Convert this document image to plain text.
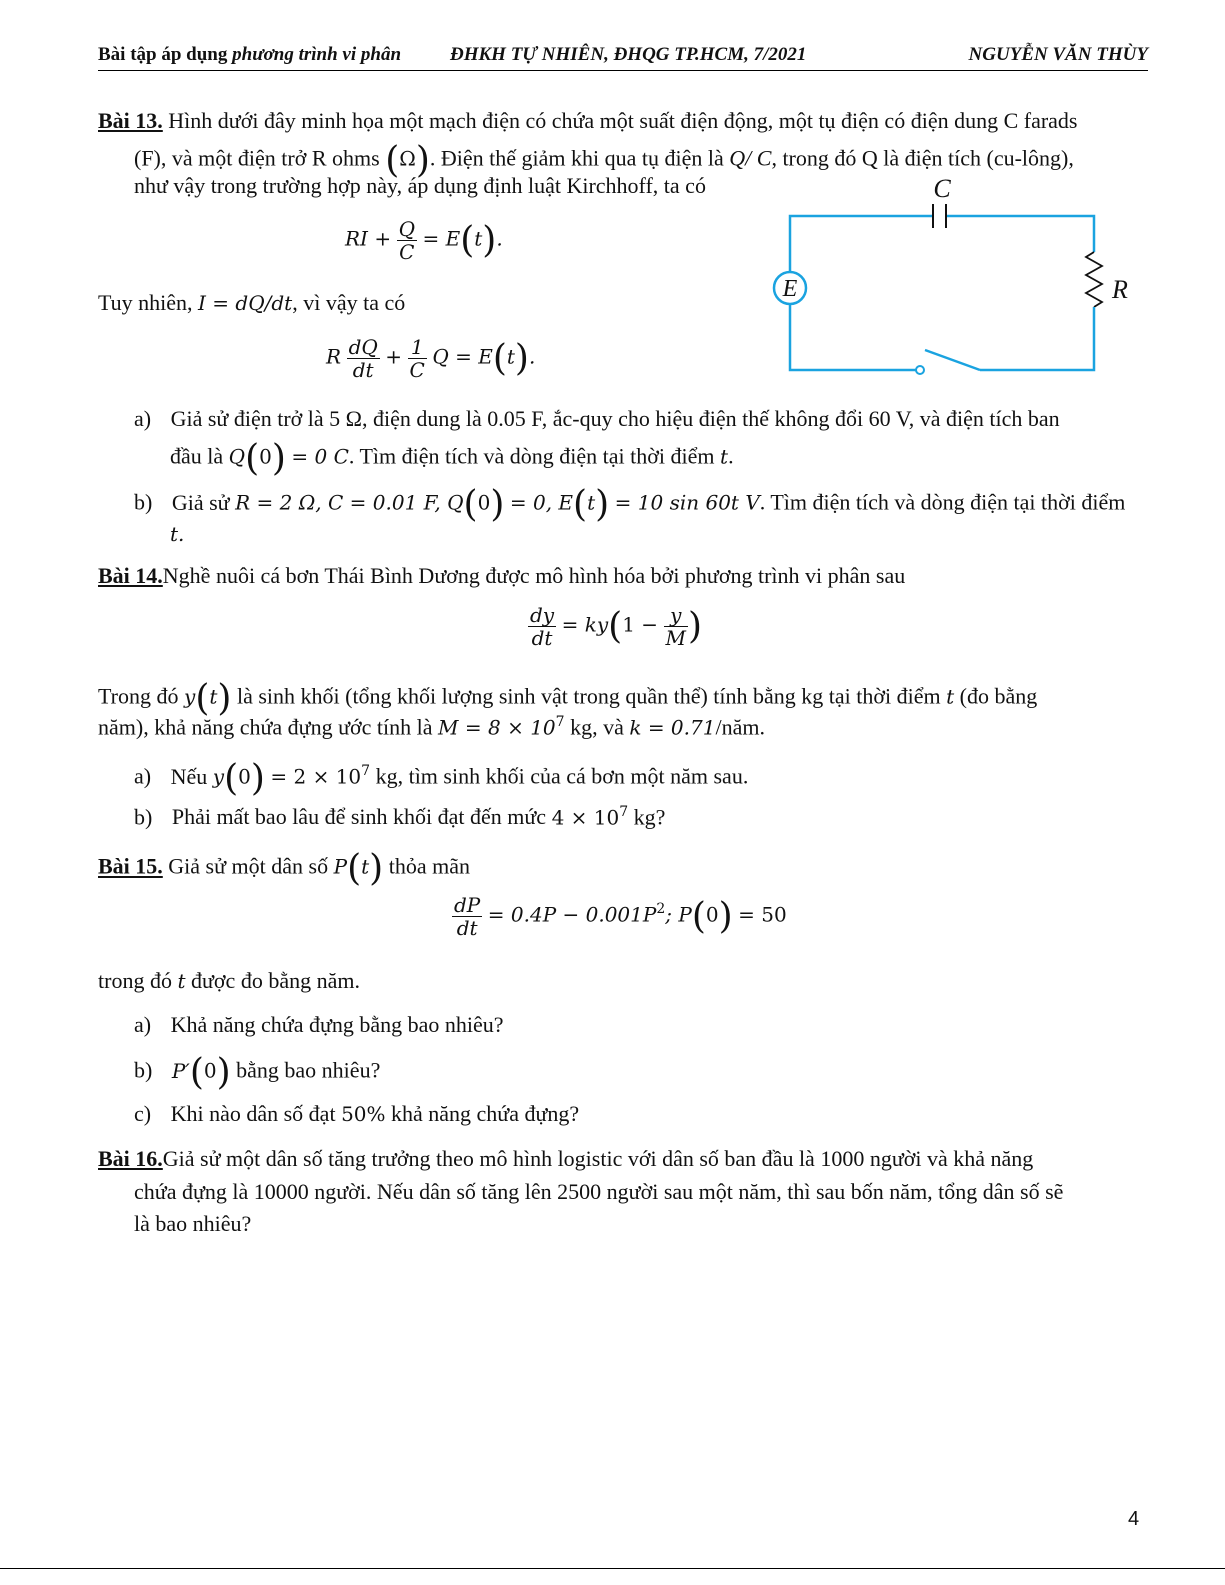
Bài tập áp dụng phương trình vi phân	ĐHKH TỰ NHIÊN, ĐHQG TP.HCM, 7/2021	NGUYỄN VĂN THÙY
Bài 13. Hình dưới đây minh họa một mạch điện có chứa một suất điện động, một tụ điện có điện dung C farads
(F), và một điện trở R ohms (Ω). Điện thế giảm khi qua tụ điện là Q/ C, trong đó Q là điện tích (cu-lông),
như vậy trong trường hợp này, áp dụng định luật Kirchhoff, ta có
RI + $\frac{Q}{C} = E(t)$.
Tuy nhiên, I = dQ/dt, vì vậy ta có
R $\frac{dQ}{dt} + \frac{1}{C}$ Q = E(t).
E
C
R
a) Giả sử điện trở là 5 Ω, điện dung là 0.05 F, ắc-quy cho hiệu điện thế không đổi 60 V, và điện tích ban
đầu là Q(0) = 0 C. Tìm điện tích và dòng điện tại thời điểm t.
b) Giả sử R = 2 Ω, C = 0.01 F, Q(0) = 0, E(t) = 10 sin 60t V. Tìm điện tích và dòng điện tại thời điểm
t.
Bài 14.Nghề nuôi cá bơn Thái Bình Dương được mô hình hóa bởi phương trình vi phân sau
$\frac{dy}{dt} = ky(1 - \frac{y}{M}$ )
Trong đó y(t) là sinh khối (tổng khối lượng sinh vật trong quần thể) tính bằng kg tại thời điểm t (đo bằng
năm), khả năng chứa đựng ước tính là $M = 8 \times 10^7$ kg, và k = 0.71/năm.
a) Nếu $y(0) = 2 \times 10^7$ kg, tìm sinh khối của cá bơn một năm sau.
b) Phải mất bao lâu để sinh khối đạt đến mức $4 \times 10^7$ kg?
Bài 15. Giả sử một dân số P(t) thỏa mãn
$\frac{dP}{dt} = 0.4P - 0.001P^2$; P(0) = 50
trong đó t được đo bằng năm.
a) Khả năng chứa đựng bằng bao nhiêu?
b) P′(0) bằng bao nhiêu?
c) Khi nào dân số đạt 50% khả năng chứa đựng?
Bài 16.Giả sử một dân số tăng trưởng theo mô hình logistic với dân số ban đầu là 1000 người và khả năng
chứa đựng là 10000 người. Nếu dân số tăng lên 2500 người sau một năm, thì sau bốn năm, tổng dân số sẽ
là bao nhiêu?
4
